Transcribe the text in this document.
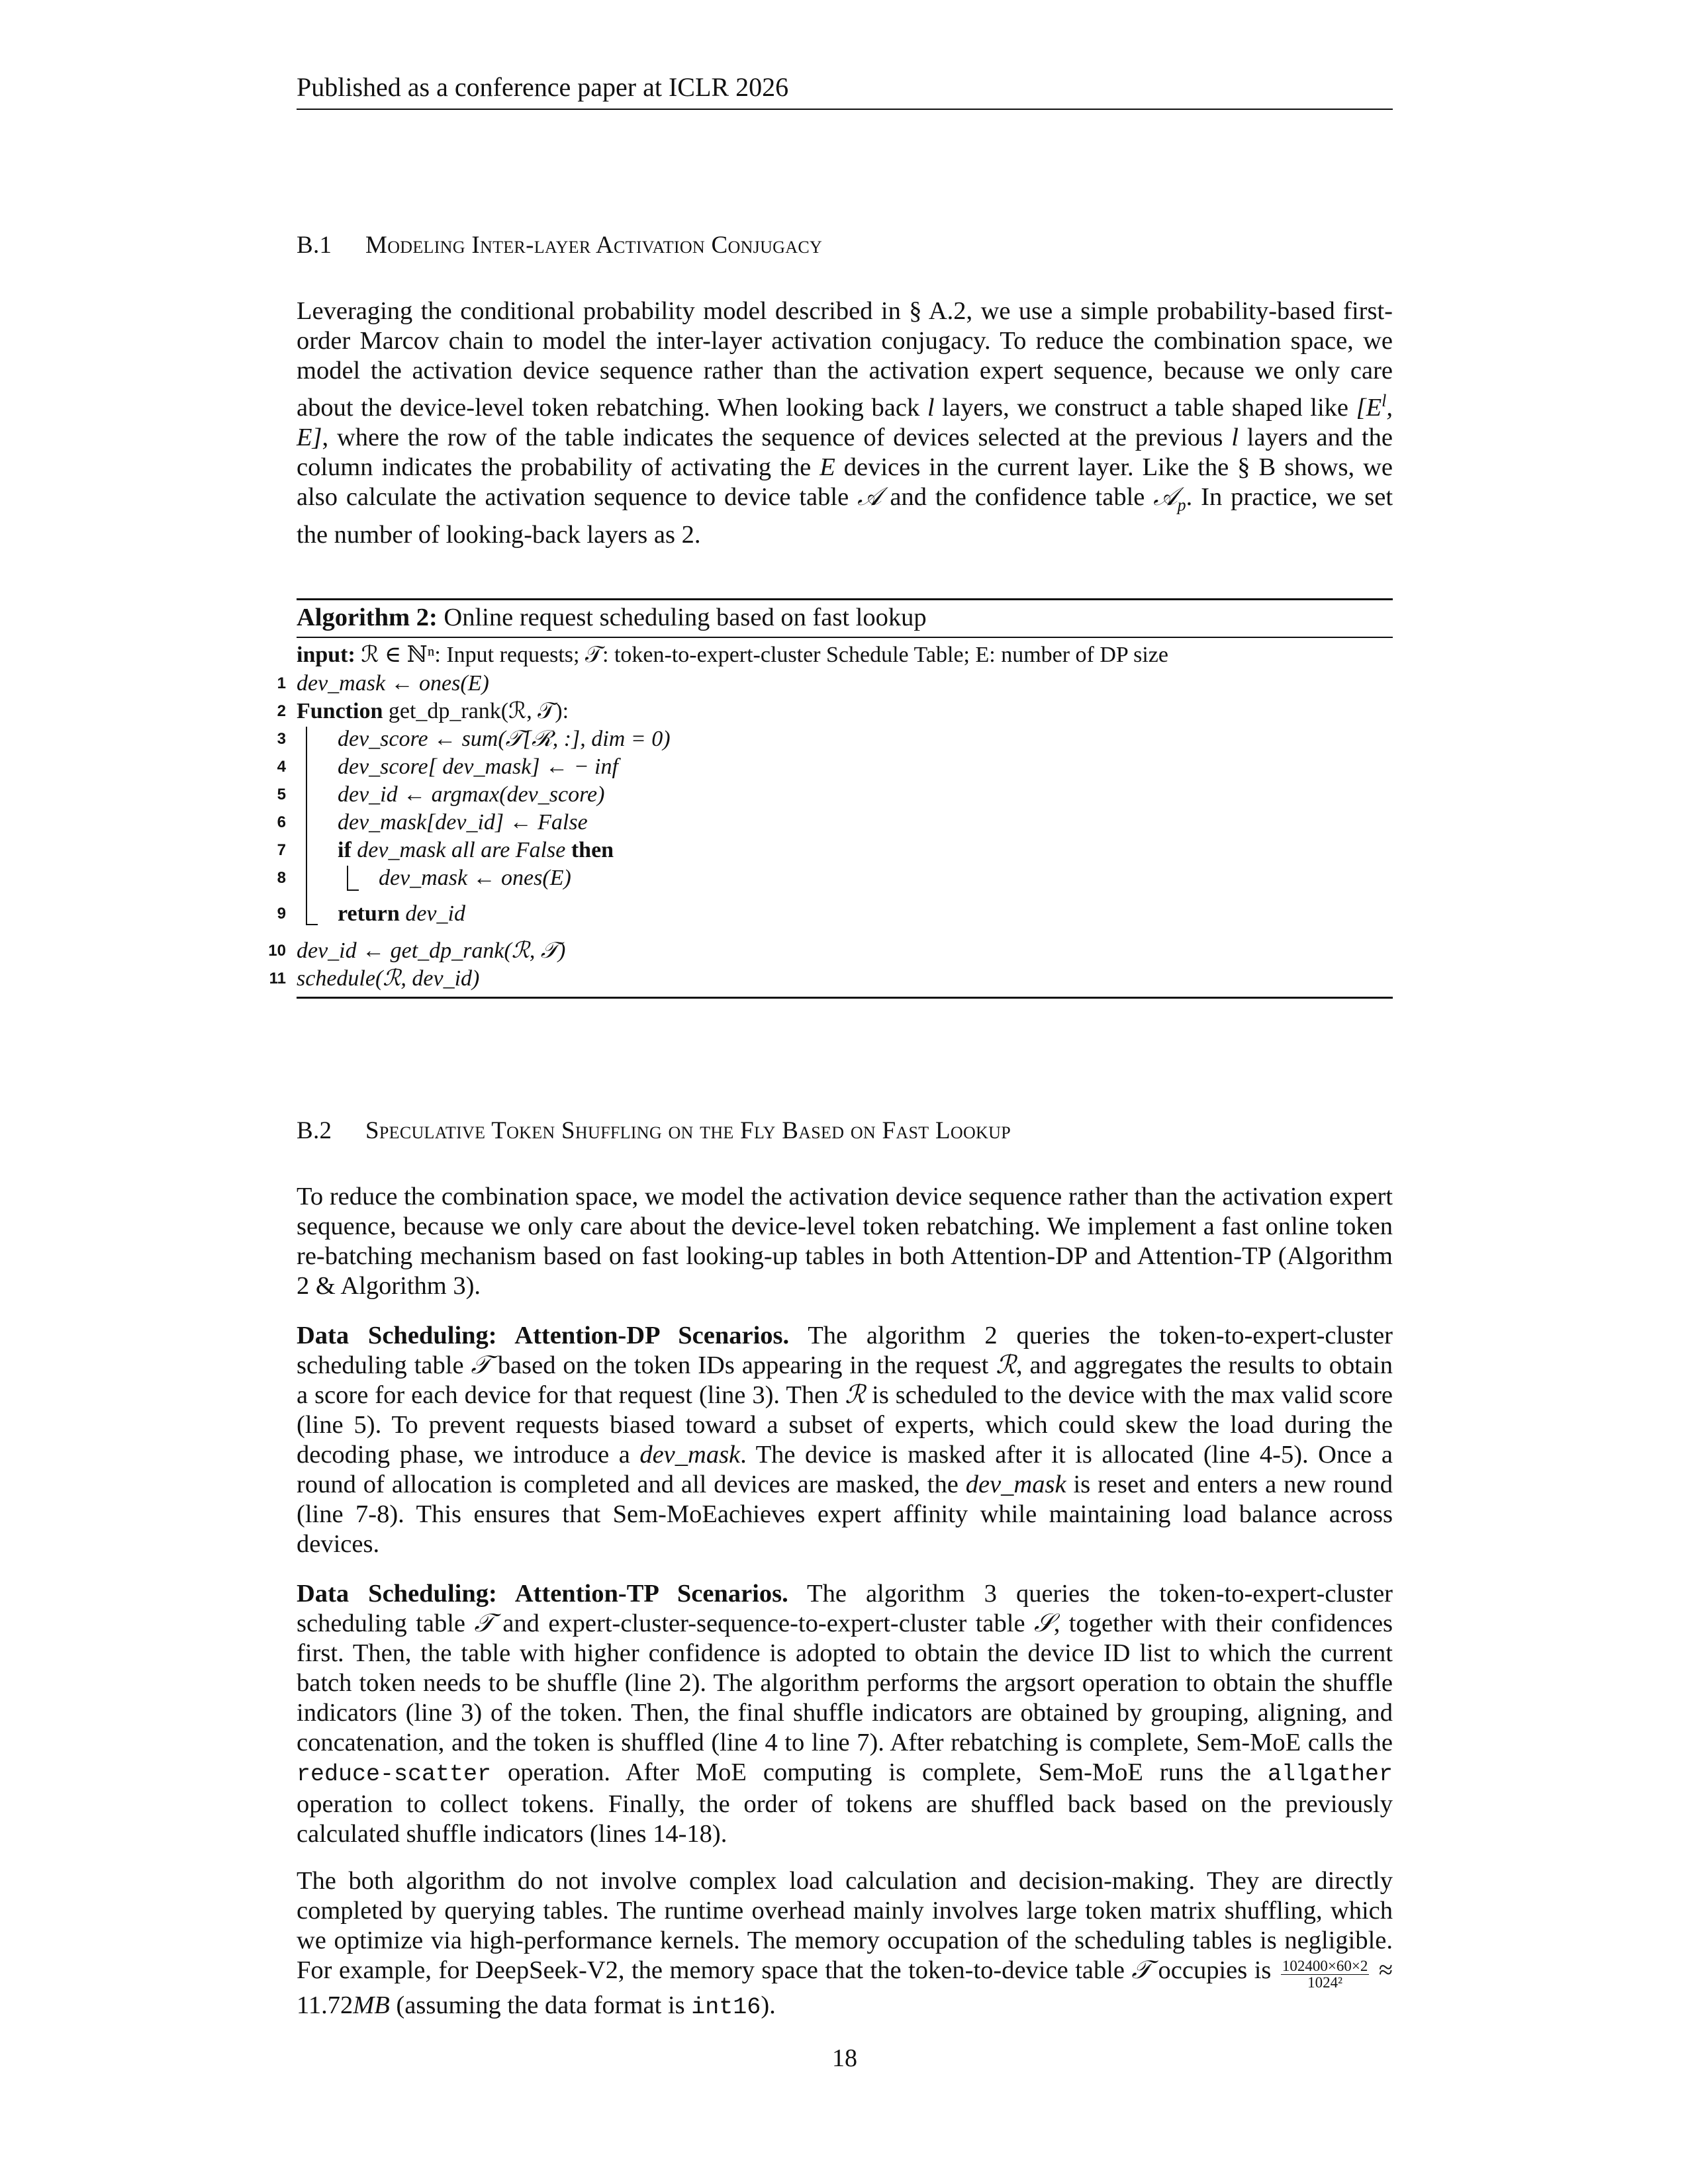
Published as a conference paper at ICLR 2026
B.1 Modeling Inter-layer Activation Conjugacy

Leveraging the conditional probability model described in § A.2, we use a simple probability-based first-order Marcov chain to model the inter-layer activation conjugacy. To reduce the combination space, we model the activation device sequence rather than the activation expert sequence, because we only care about the device-level token rebatching. When looking back l layers, we construct a table shaped like [$E^l$, E], where the row of the table indicates the sequence of devices selected at the previous l layers and the column indicates the probability of activating the E devices in the current layer. Like the § B shows, we also calculate the activation sequence to device table 𝒜 and the confidence table 𝒜$_p$. In practice, we set the number of looking-back layers as 2.

Algorithm 2: Online request scheduling based on fast lookup
input: ℛ ∈ ℕⁿ: Input requests; 𝒯: token-to-expert-cluster Schedule Table; E: number of DP size
1 dev_mask ← ones(E)
2 Function get_dp_rank(ℛ, 𝒯):
3 dev_score ← sum(𝒯[ℛ, :], dim = 0)
4 dev_score[ dev_mask] ← − inf
5 dev_id ← argmax(dev_score)
6 dev_mask[dev_id] ← False
7 if dev_mask all are False then
8	dev_mask ← ones(E)
9 return dev_id
10 dev_id ← get_dp_rank(ℛ, 𝒯)
11 schedule(ℛ, dev_id)
B.2 Speculative Token Shuffling on the Fly Based on Fast Lookup

To reduce the combination space, we model the activation device sequence rather than the activation expert sequence, because we only care about the device-level token rebatching. We implement a fast online token re-batching mechanism based on fast looking-up tables in both Attention-DP and Attention-TP (Algorithm 2 & Algorithm 3).

Data Scheduling: Attention-DP Scenarios. The algorithm 2 queries the token-to-expert-cluster scheduling table 𝒯 based on the token IDs appearing in the request ℛ, and aggregates the results to obtain a score for each device for that request (line 3). Then ℛ is scheduled to the device with the max valid score (line 5). To prevent requests biased toward a subset of experts, which could skew the load during the decoding phase, we introduce a dev_mask. The device is masked after it is allocated (line 4-5). Once a round of allocation is completed and all devices are masked, the dev_mask is reset and enters a new round (line 7-8). This ensures that Sem-MoEachieves expert affinity while maintaining load balance across devices.

Data Scheduling: Attention-TP Scenarios. The algorithm 3 queries the token-to-expert-cluster scheduling table 𝒯 and expert-cluster-sequence-to-expert-cluster table 𝒮, together with their confidences first. Then, the table with higher confidence is adopted to obtain the device ID list to which the current batch token needs to be shuffle (line 2). The algorithm performs the argsort operation to obtain the shuffle indicators (line 3) of the token. Then, the final shuffle indicators are obtained by grouping, aligning, and concatenation, and the token is shuffled (line 4 to line 7). After rebatching is complete, Sem-MoE calls the reduce-scatter operation. After MoE computing is complete, Sem-MoE runs the allgather operation to collect tokens. Finally, the order of tokens are shuffled back based on the previously calculated shuffle indicators (lines 14-18).

The both algorithm do not involve complex load calculation and decision-making. They are directly completed by querying tables. The runtime overhead mainly involves large token matrix shuffling, which we optimize via high-performance kernels. The memory occupation of the scheduling tables is negligible. For example, for DeepSeek-V2, the memory space that the token-to-device table 𝒯 occupies is $\frac{102400\times 60\times 2}{\text{1024²}} \approx 11.72MB$ (assuming the data format is int16).

18
